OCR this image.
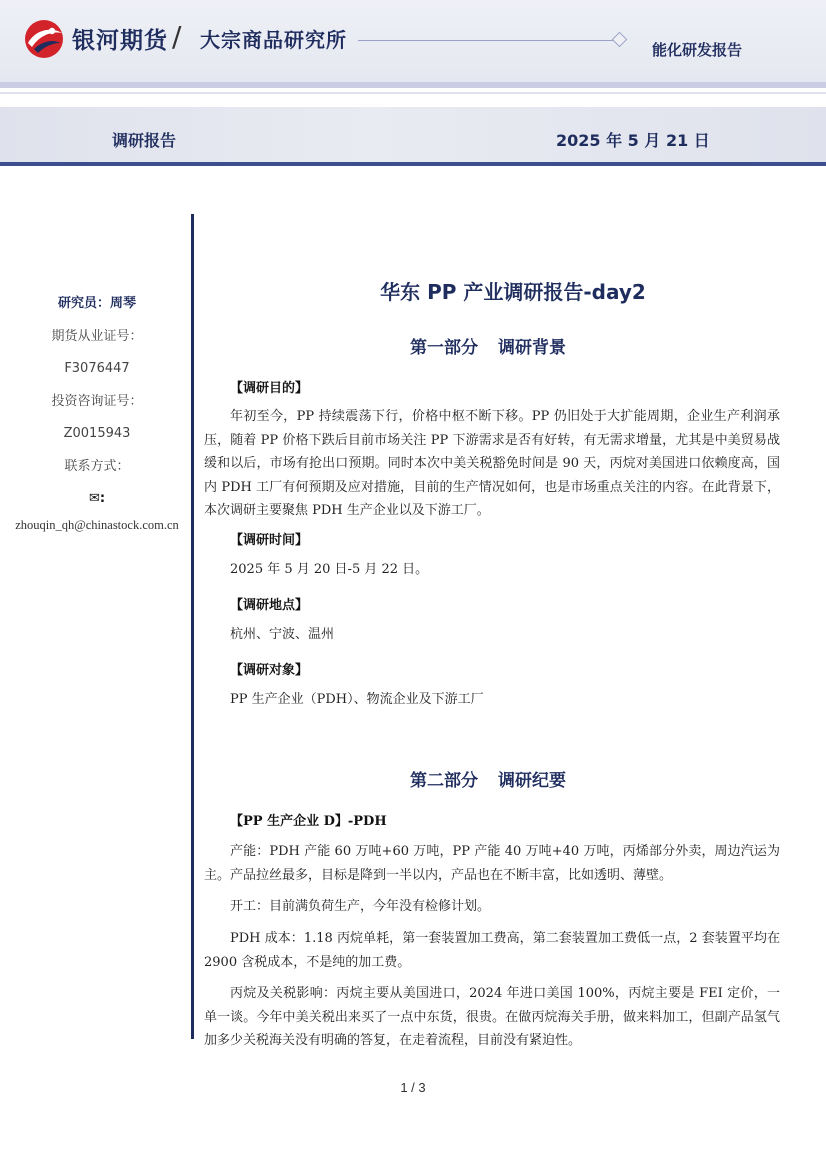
银河期货 / 大宗商品研究所	能化研发报告
调研报告	2025 年 5 月 21 日
研究员：周琴
期货从业证号：
F3076447
投资咨询证号：
Z0015943
联系方式：
✉:
zhouqin_qh@chinastock.com.cn
华东 PP 产业调研报告-day2
第一部分 调研背景
【调研目的】
年初至今，PP 持续震荡下行，价格中枢不断下移。PP 仍旧处于大扩能周期，企业生产利润承压，随着 PP 价格下跌后目前市场关注 PP 下游需求是否有好转，有无需求增量，尤其是中美贸易战缓和以后，市场有抢出口预期。同时本次中美关税豁免时间是 90 天，丙烷对美国进口依赖度高，国内 PDH 工厂有何预期及应对措施，目前的生产情况如何，也是市场重点关注的内容。在此背景下，本次调研主要聚焦 PDH 生产企业以及下游工厂。
【调研时间】
2025 年 5 月 20 日-5 月 22 日。
【调研地点】
杭州、宁波、温州
【调研对象】
PP 生产企业（PDH）、物流企业及下游工厂
第二部分 调研纪要
【PP 生产企业 D】-PDH
产能：PDH 产能 60 万吨+60 万吨，PP 产能 40 万吨+40 万吨，丙烯部分外卖，周边汽运为主。产品拉丝最多，目标是降到一半以内，产品也在不断丰富，比如透明、薄壁。
开工：目前满负荷生产，今年没有检修计划。
PDH 成本：1.18 丙烷单耗，第一套装置加工费高，第二套装置加工费低一点，2 套装置平均在 2900 含税成本，不是纯的加工费。
丙烷及关税影响：丙烷主要从美国进口，2024 年进口美国 100%，丙烷主要是 FEI 定价，一单一谈。今年中美关税出来买了一点中东货，很贵。在做丙烷海关手册，做来料加工，但副产品氢气加多少关税海关没有明确的答复，在走着流程，目前没有紧迫性。
1 / 3
